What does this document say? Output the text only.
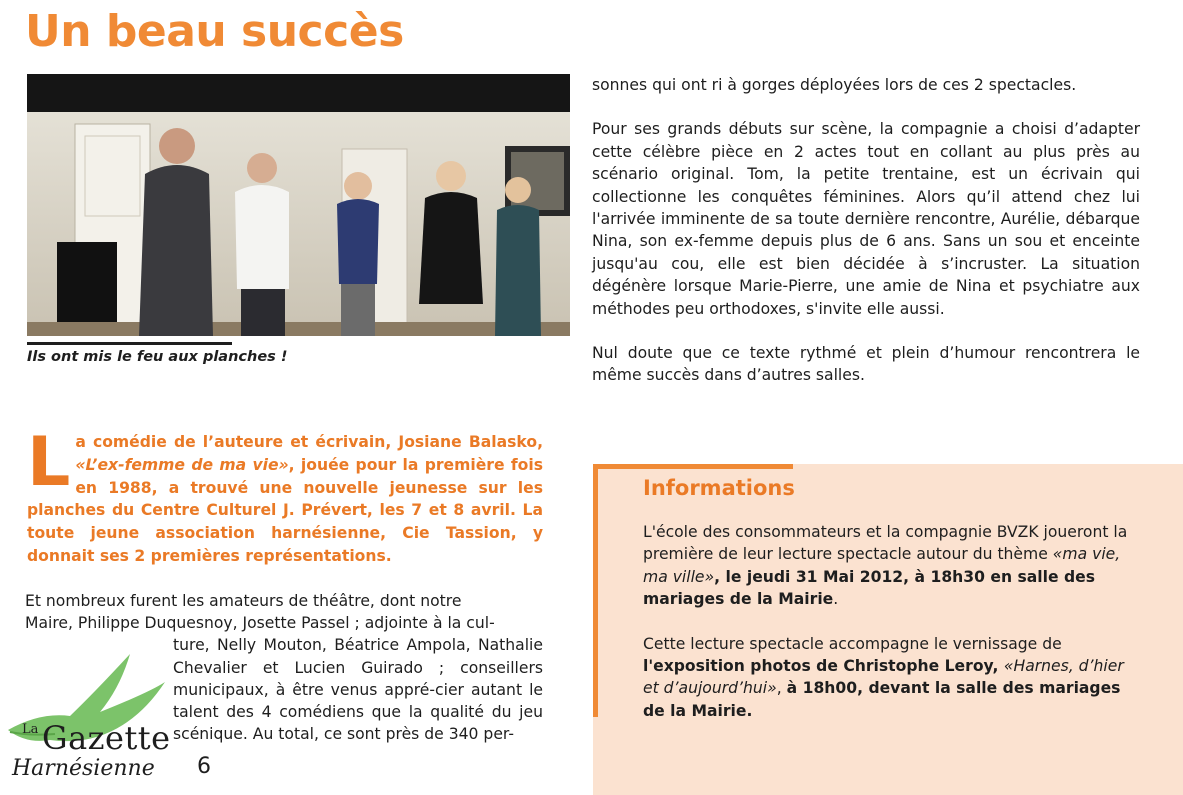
Un beau succès
Ils ont mis le feu aux planches !

La comédie de l’auteure et écrivain, Josiane Balasko, «L’ex-femme de ma vie», jouée pour la première fois en 1988, a trouvé une nouvelle jeunesse sur les planches du Centre Culturel J. Prévert, les 7 et 8 avril. La toute jeune association harnésienne, Cie Tassion, y donnait ses 2 premières représentations.

Et nombreux furent les amateurs de théâtre, dont notre
Maire, Philippe Duquesnoy, Josette Passel ; adjointe à la cul-
ture, Nelly Mouton, Béatrice Ampola, Nathalie Chevalier et Lucien Guirado ; conseillers municipaux, à être venus appré-cier autant le talent des 4 comédiens que la qualité du jeu scénique. Au total, ce sont près de 340 per-

sonnes qui ont ri à gorges déployées lors de ces 2 spectacles.

Pour ses grands débuts sur scène, la compagnie a choisi d’adapter cette célèbre pièce en 2 actes tout en collant au plus près au scénario original. Tom, la petite trentaine, est un écrivain qui collectionne les conquêtes féminines. Alors qu’il attend chez lui l'arrivée imminente de sa toute dernière rencontre, Aurélie, débarque Nina, son ex-femme depuis plus de 6 ans. Sans un sou et enceinte jusqu'au cou, elle est bien décidée à s’incruster. La situation dégénère lorsque Marie-Pierre, une amie de Nina et psychiatre aux méthodes peu orthodoxes, s'invite elle aussi.

Nul doute que ce texte rythmé et plein d’humour rencontrera le même succès dans d’autres salles.

Informations

L'école des consommateurs et la compagnie BVZK joueront la première de leur lecture spectacle autour du thème «ma vie, ma ville», le jeudi 31 Mai 2012, à 18h30 en salle des mariages de la Mairie.

Cette lecture spectacle accompagne le vernissage de l'exposition photos de Christophe Leroy, «Harnes, d’hier et d’aujourd’hui», à 18h00, devant la salle des mariages de la Mairie.

La Gazette
Harnésienne 6
